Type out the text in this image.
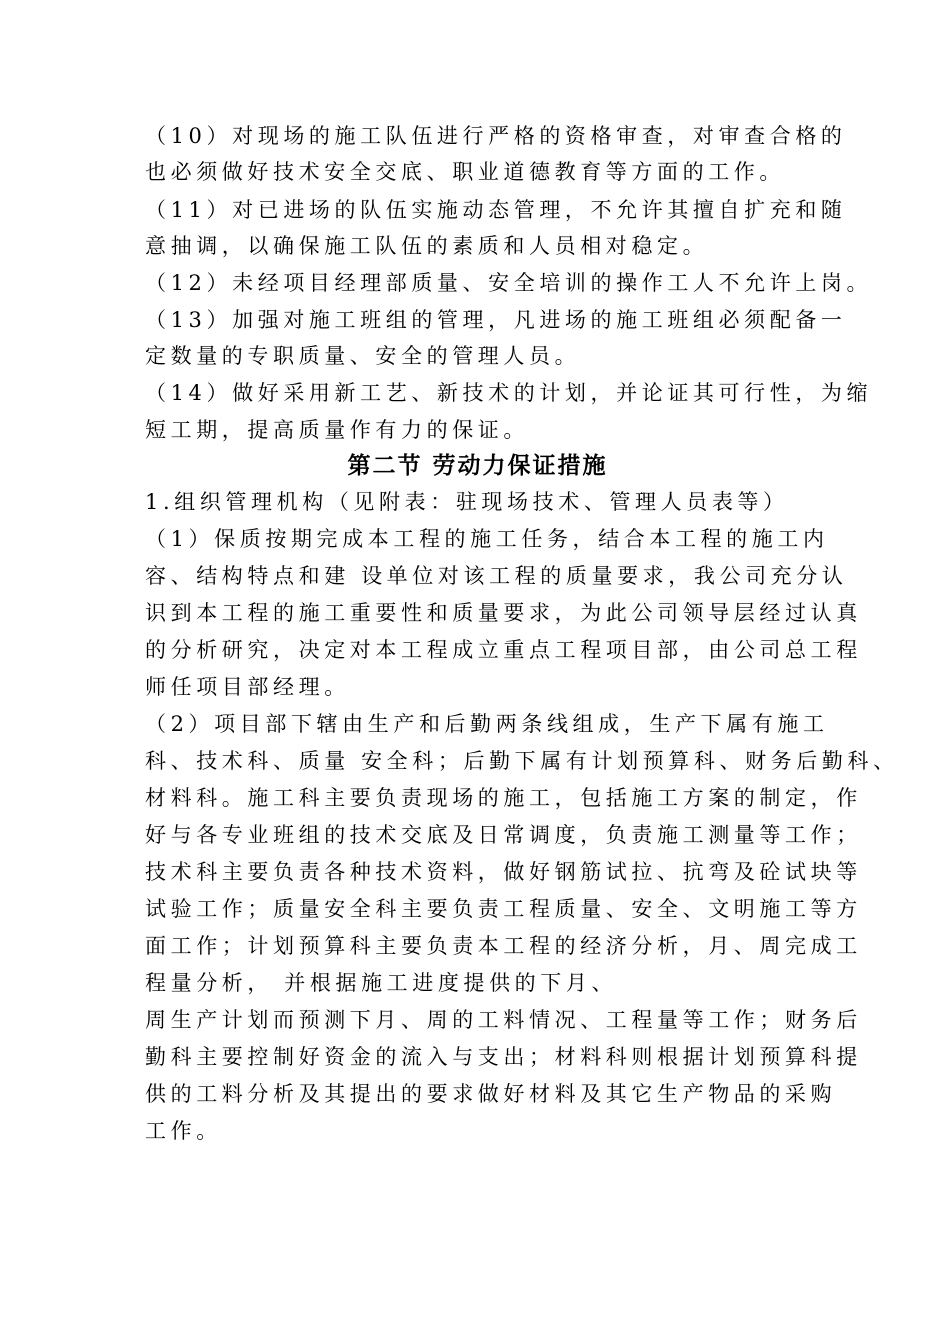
（10）对现场的施工队伍进行严格的资格审查，对审查合格的
也必须做好技术安全交底、职业道德教育等方面的工作。
（11）对已进场的队伍实施动态管理，不允许其擅自扩充和随
意抽调，以确保施工队伍的素质和人员相对稳定。
（12）未经项目经理部质量、安全培训的操作工人不允许上岗。
（13）加强对施工班组的管理，凡进场的施工班组必须配备一
定数量的专职质量、安全的管理人员。
（14）做好采用新工艺、新技术的计划，并论证其可行性，为缩
短工期，提高质量作有力的保证。
第二节 劳动力保证措施
1.组织管理机构（见附表：驻现场技术、管理人员表等）
（1）保质按期完成本工程的施工任务，结合本工程的施工内
容、结构特点和建 设单位对该工程的质量要求，我公司充分认
识到本工程的施工重要性和质量要求，为此公司领导层经过认真
的分析研究，决定对本工程成立重点工程项目部，由公司总工程
师任项目部经理。
（2）项目部下辖由生产和后勤两条线组成，生产下属有施工
科、技术科、质量 安全科；后勤下属有计划预算科、财务后勤科、
材料科。施工科主要负责现场的施工，包括施工方案的制定，作
好与各专业班组的技术交底及日常调度，负责施工测量等工作；
技术科主要负责各种技术资料，做好钢筋试拉、抗弯及砼试块等
试验工作；质量安全科主要负责工程质量、安全、文明施工等方
面工作；计划预算科主要负责本工程的经济分析，月、周完成工
程量分析， 并根据施工进度提供的下月、
周生产计划而预测下月、周的工料情况、工程量等工作；财务后
勤科主要控制好资金的流入与支出；材料科则根据计划预算科提
供的工料分析及其提出的要求做好材料及其它生产物品的采购
工作。
